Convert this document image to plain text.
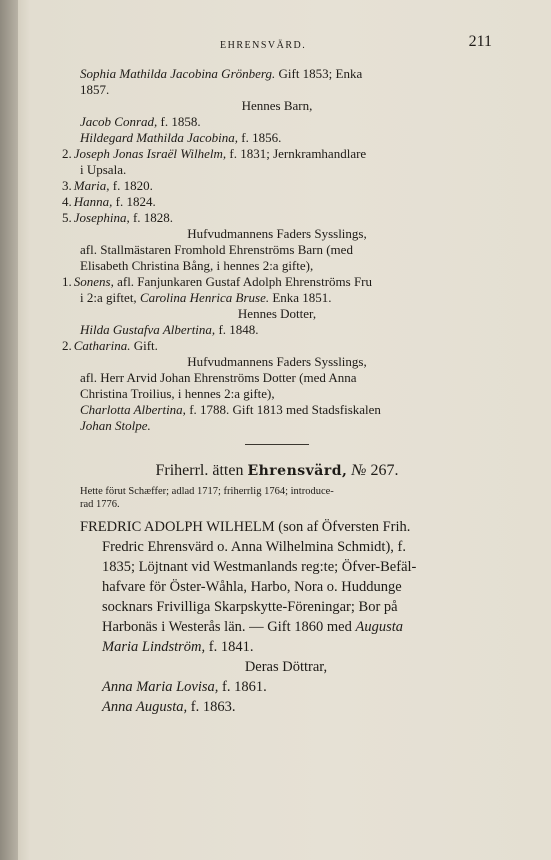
EHRENSVÄRD.	211
Sophia Mathilda Jacobina Grönberg. Gift 1853; Enka
1857.
Hennes Barn,
Jacob Conrad, f. 1858.
Hildegard Mathilda Jacobina, f. 1856.
2. Joseph Jonas Israël Wilhelm, f. 1831; Jernkramhandlare
i Upsala.
3. Maria, f. 1820.
4. Hanna, f. 1824.
5. Josephina, f. 1828.
Hufvudmannens Faders Sysslings,
afl. Stallmästaren Fromhold Ehrenströms Barn (med
Elisabeth Christina Bång, i hennes 2:a gifte),
1. Sonens, afl. Fanjunkaren Gustaf Adolph Ehrenströms Fru
i 2:a giftet, Carolina Henrica Bruse. Enka 1851.
Hennes Dotter,
Hilda Gustafva Albertina, f. 1848.
2. Catharina. Gift.
Hufvudmannens Faders Sysslings,
afl. Herr Arvid Johan Ehrenströms Dotter (med Anna
Christina Troilius, i hennes 2:a gifte),
Charlotta Albertina, f. 1788. Gift 1813 med Stadsfiskalen
Johan Stolpe.
Friherrl. ätten Ehrensvärd, № 267.
Hette förut Schæffer; adlad 1717; friherrlig 1764; introduce-
rad 1776.
FREDRIC ADOLPH WILHELM (son af Öfversten Frih.
Fredric Ehrensvärd o. Anna Wilhelmina Schmidt), f.
1835; Löjtnant vid Westmanlands reg:te; Öfver-Befäl-
hafvare för Öster-Wåhla, Harbo, Nora o. Huddunge
socknars Frivilliga Skarpskytte-Föreningar; Bor på
Harbonäs i Westerås län. — Gift 1860 med Augusta
Maria Lindström, f. 1841.
Deras Döttrar,
Anna Maria Lovisa, f. 1861.
Anna Augusta, f. 1863.
